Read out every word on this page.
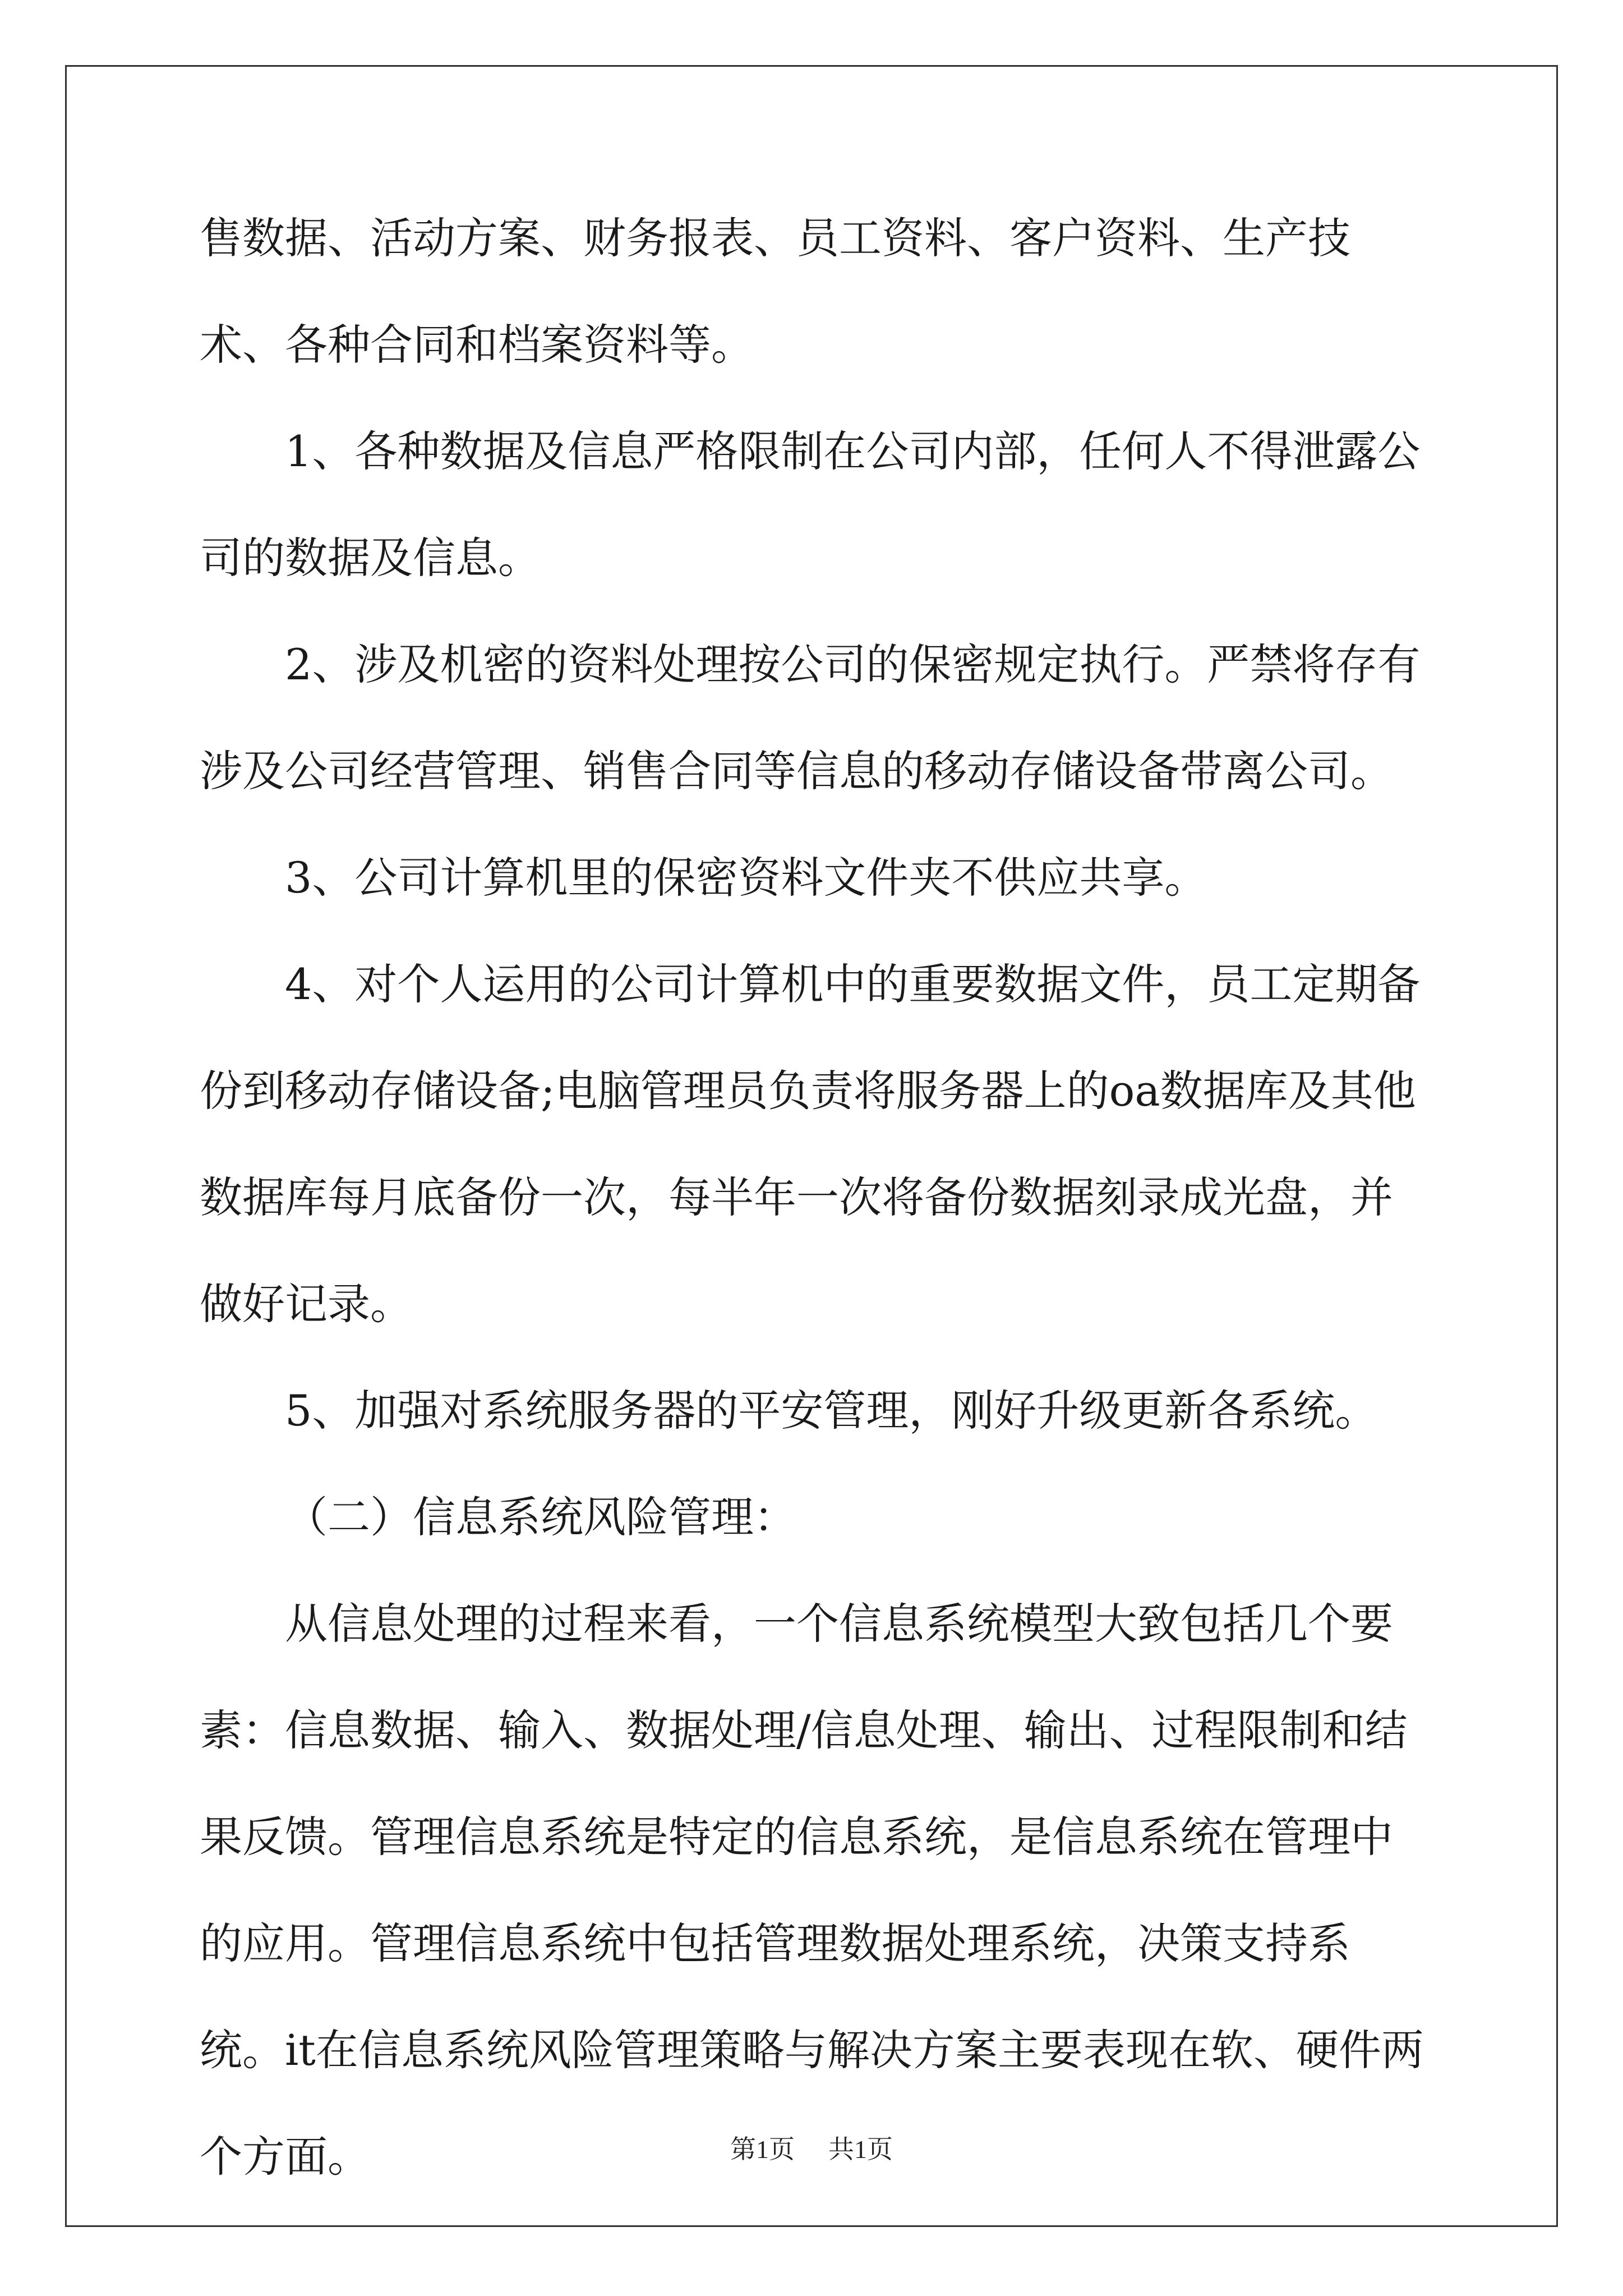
售数据、活动方案、财务报表、员工资料、客户资料、生产技术、各种合同和档案资料等。

1、各种数据及信息严格限制在公司内部，任何人不得泄露公司的数据及信息。

2、涉及机密的资料处理按公司的保密规定执行。严禁将存有涉及公司经营管理、销售合同等信息的移动存储设备带离公司。

3、公司计算机里的保密资料文件夹不供应共享。

4、对个人运用的公司计算机中的重要数据文件，员工定期备份到移动存储设备;电脑管理员负责将服务器上的oa数据库及其他数据库每月底备份一次，每半年一次将备份数据刻录成光盘，并做好记录。

5、加强对系统服务器的平安管理，刚好升级更新各系统。

（二）信息系统风险管理：

从信息处理的过程来看，一个信息系统模型大致包括几个要素：信息数据、输入、数据处理/信息处理、输出、过程限制和结果反馈。管理信息系统是特定的信息系统，是信息系统在管理中的应用。管理信息系统中包括管理数据处理系统，决策支持系统。it在信息系统风险管理策略与解决方案主要表现在软、硬件两个方面。	第1页 共1页
